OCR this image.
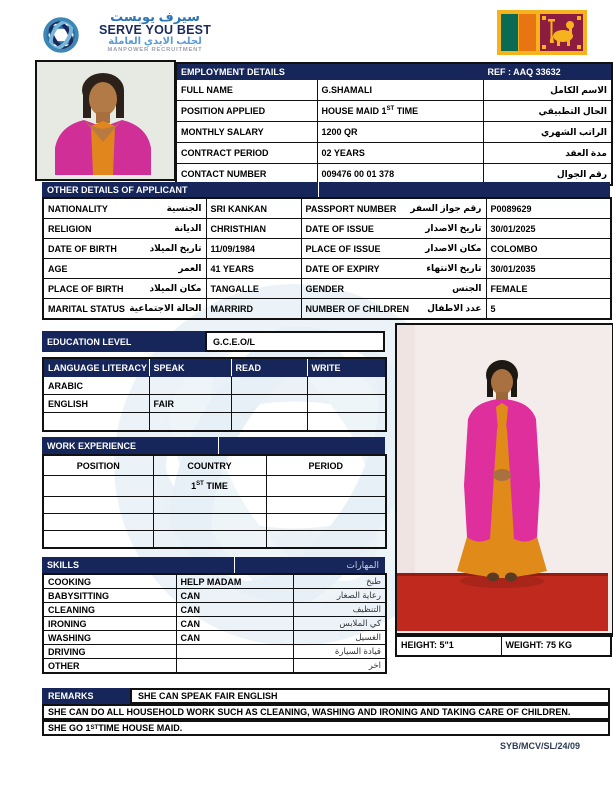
سيرف يوبست
SERVE YOU BEST
لجلب الايدي العاملة
MANPOWER RECRUITMENT
EMPLOYMENT DETAILS		REF : AAQ 33632

FULL NAME	G.SHAMALI	الاسم الكامل
POSITION APPLIED	HOUSE MAID 1ST TIME	الحال التطبيقي
MONTHLY SALARY	1200 QR	الراتب الشهري
CONTRACT PERIOD	02 YEARS	مدة العقد
CONTACT NUMBER	009476 00 01 378	رقم الجوال
OTHER DETAILS OF APPLICANT
NATIONALITY الجنسية	SRI KANKAN	PASSPORT NUMBER رقم جواز السفر	P0089629

RELIGION الديانة	CHRISTHIAN	DATE OF ISSUE تاريخ الاصدار	30/01/2025

DATE OF BIRTH تاريخ الميلاد	11/09/1984	PLACE OF ISSUE مكان الاصدار	COLOMBO

AGE العمر	41 YEARS	DATE OF EXPIRY تاريخ الانتهاء	30/01/2035

PLACE OF BIRTH مكان الميلاد	TANGALLE	GENDER الجنس	FEMALE

MARITAL STATUS الحالة الاجتماعية	MARRIRD	NUMBER OF CHILDREN عدد الاطفال	5
EDUCATION LEVEL	G.C.E.O/L
LANGUAGE LITERACY	SPEAK	READ	WRITE
ARABIC			
ENGLISH	FAIR		

WORK EXPERIENCE
POSITION	COUNTRY	PERIOD
	1ST TIME	

SKILLS	المهارات
COOKING	HELP MADAM	طبخ
BABYSITTING	CAN	رعاية الصغار
CLEANING	CAN	التنظيف
IRONING	CAN	كي الملابس
WASHING	CAN	الغسيل
DRIVING		قيادة السيارة
OTHER		اخر
HEIGHT: 5"1	WEIGHT: 75 KG
REMARKS	SHE CAN SPEAK FAIR ENGLISH
SHE CAN DO ALL HOUSEHOLD WORK SUCH AS CLEANING, WASHING AND IRONING AND TAKING CARE OF CHILDREN.
SHE GO 1 ST TIME HOUSE MAID.
SYB/MCV/SL/24/09
